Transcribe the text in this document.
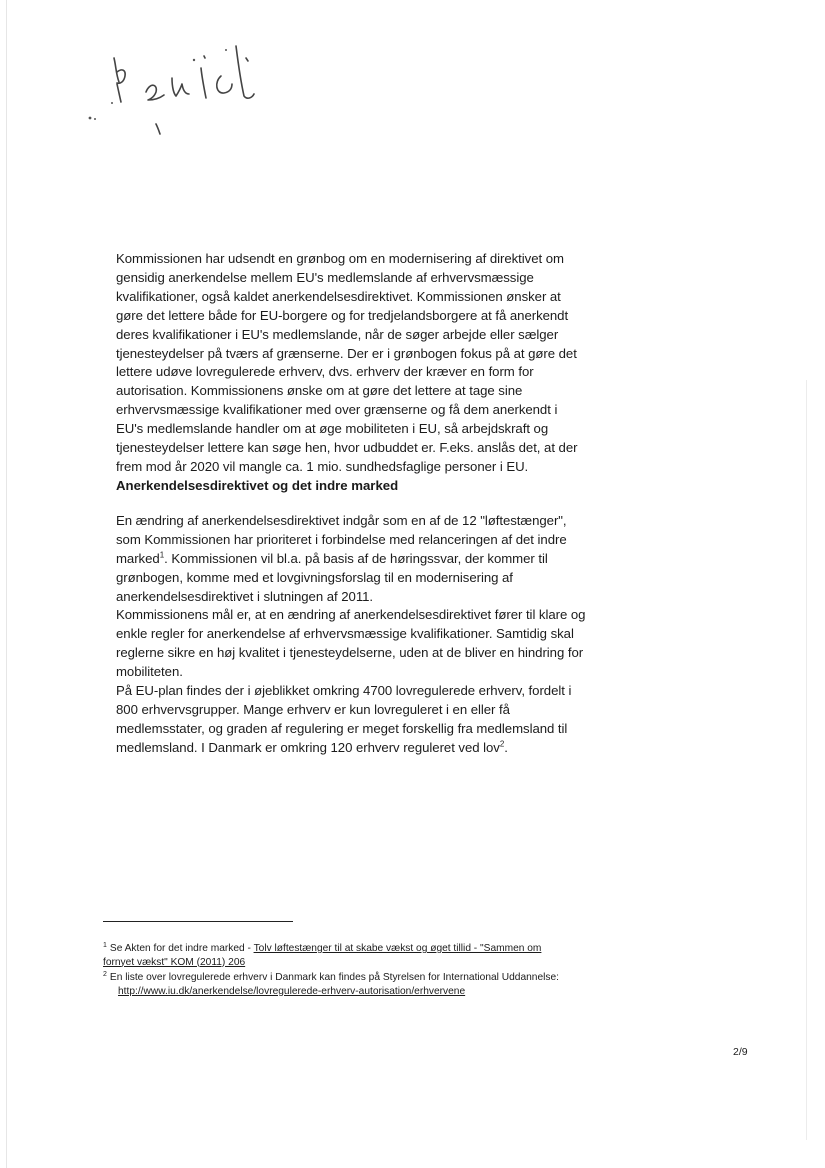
Kommissionen har udsendt en grønbog om en modernisering af direktivet om gensidig anerkendelse mellem EU's medlemslande af erhvervsmæssige kvalifikationer, også kaldet anerkendelsesdirektivet. Kommissionen ønsker at gøre det lettere både for EU-borgere og for tredjelandsborgere at få anerkendt deres kvalifikationer i EU's medlemslande, når de søger arbejde eller sælger tjenesteydelser på tværs af grænserne. Der er i grønbogen fokus på at gøre det lettere udøve lovregulerede erhverv, dvs. erhverv der kræver en form for autorisation. Kommissionens ønske om at gøre det lettere at tage sine erhvervsmæssige kvalifikationer med over grænserne og få dem anerkendt i EU's medlemslande handler om at øge mobiliteten i EU, så arbejdskraft og tjenesteydelser lettere kan søge hen, hvor udbuddet er. F.eks. anslås det, at der frem mod år 2020 vil mangle ca. 1 mio. sundhedsfaglige personer i EU.

Anerkendelsesdirektivet og det indre marked

En ændring af anerkendelsesdirektivet indgår som en af de 12 "løftestænger", som Kommissionen har prioriteret i forbindelse med relanceringen af det indre marked$^1$. Kommissionen vil bl.a. på basis af de høringssvar, der kommer til grønbogen, komme med et lovgivningsforslag til en modernisering af anerkendelsesdirektivet i slutningen af 2011.

Kommissionens mål er, at en ændring af anerkendelsesdirektivet fører til klare og enkle regler for anerkendelse af erhvervsmæssige kvalifikationer. Samtidig skal reglerne sikre en høj kvalitet i tjenesteydelserne, uden at de bliver en hindring for mobiliteten.

På EU-plan findes der i øjeblikket omkring 4700 lovregulerede erhverv, fordelt i 800 erhvervsgrupper. Mange erhverv er kun lovreguleret i en eller få medlemsstater, og graden af regulering er meget forskellig fra medlemsland til medlemsland. I Danmark er omkring 120 erhverv reguleret ved lov$^2$.

$^1$ Se Akten for det indre marked - Tolv løftestænger til at skabe vækst og øget tillid - "Sammen om fornyet vækst" KOM (2011) 206

$^2$ En liste over lovregulerede erhverv i Danmark kan findes på Styrelsen for International Uddannelse: http://www.iu.dk/anerkendelse/lovregulerede-erhverv-autorisation/erhvervene

2/9
